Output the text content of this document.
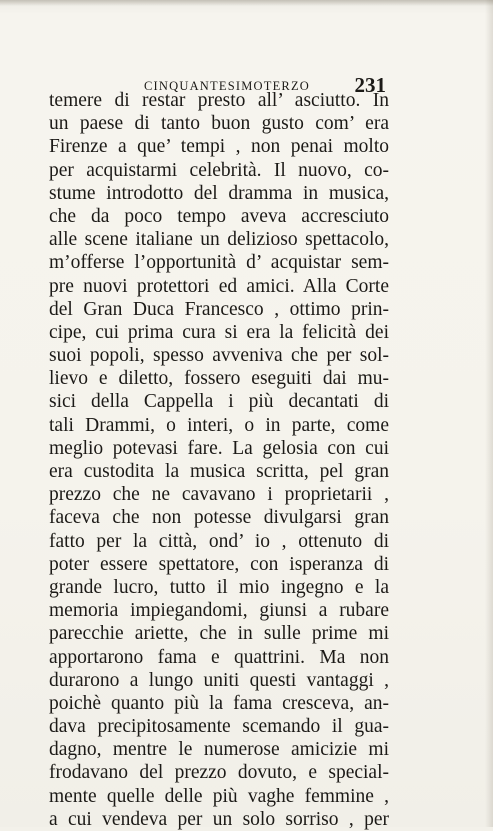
CINQUANTESIMOTERZO 231
temere di restar presto all’ asciutto. In
un paese di tanto buon gusto com’ era
Firenze a que’ tempi , non penai molto
per acquistarmi celebrità. Il nuovo, co-
stume introdotto del dramma in musica,
che da poco tempo aveva accresciuto
alle scene italiane un delizioso spettacolo,
m’offerse l’opportunità d’ acquistar sem-
pre nuovi protettori ed amici. Alla Corte
del Gran Duca Francesco , ottimo prin-
cipe, cui prima cura si era la felicità dei
suoi popoli, spesso avveniva che per sol-
lievo e diletto, fossero eseguiti dai mu-
sici della Cappella i più decantati di
tali Drammi, o interi, o in parte, come
meglio potevasi fare. La gelosia con cui
era custodita la musica scritta, pel gran
prezzo che ne cavavano i proprietarii ,
faceva che non potesse divulgarsi gran
fatto per la città, ond’ io , ottenuto di
poter essere spettatore, con isperanza di
grande lucro, tutto il mio ingegno e la
memoria impiegandomi, giunsi a rubare
parecchie ariette, che in sulle prime mi
apportarono fama e quattrini. Ma non
durarono a lungo uniti questi vantaggi ,
poichè quanto più la fama cresceva, an-
dava precipitosamente scemando il gua-
dagno, mentre le numerose amicizie mi
frodavano del prezzo dovuto, e special-
mente quelle delle più vaghe femmine ,
a cui vendeva per un solo sorriso , per
